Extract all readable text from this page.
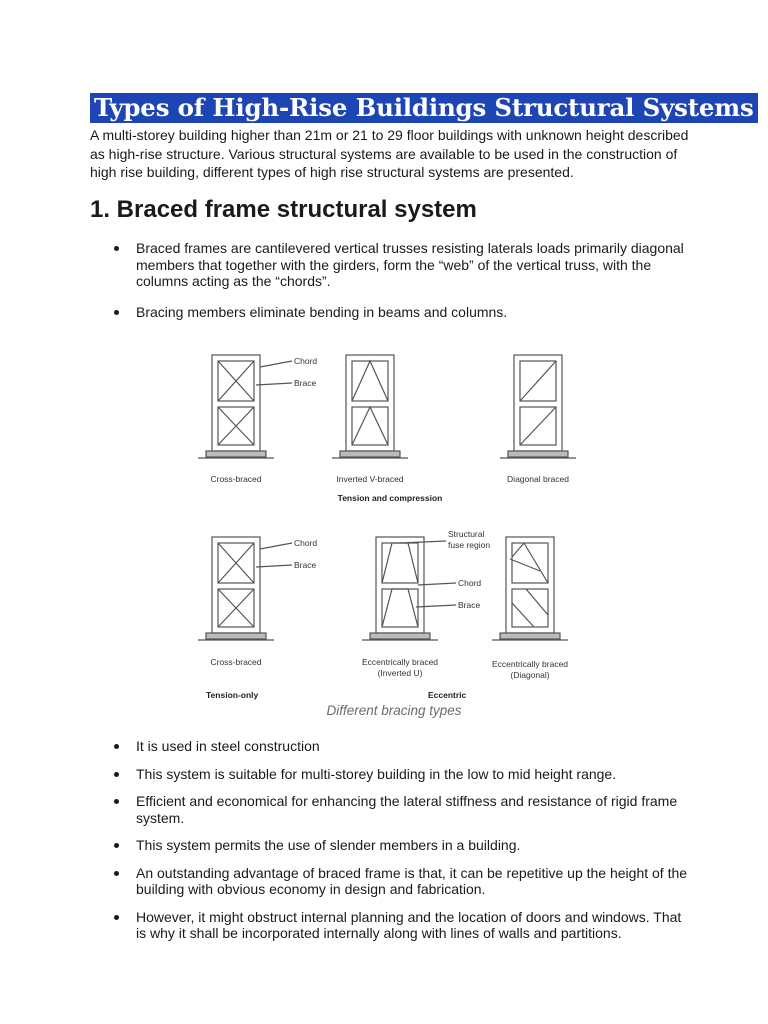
Types of High-Rise Buildings Structural Systems

A multi-storey building higher than 21m or 21 to 29 floor buildings with unknown height described as high-rise structure. Various structural systems are available to be used in the construction of high rise building, different types of high rise structural systems are presented.

1. Braced frame structural system
Braced frames are cantilevered vertical trusses resisting laterals loads primarily diagonal members that together with the girders, form the “web” of the vertical truss, with the columns acting as the “chords”.
Bracing members eliminate bending in beams and columns.
Chord
Brace
Cross-braced	Inverted V-braced	Diagonal braced
Tension and compression
Chord
Brace
Structural
fuse region
Chord
Brace
Cross-braced	Eccentrically braced
(Inverted U)
Eccentrically braced
(Diagonal)
Tension-only	Eccentric
Different bracing types
It is used in steel construction
This system is suitable for multi-storey building in the low to mid height range.
Efficient and economical for enhancing the lateral stiffness and resistance of rigid frame system.
This system permits the use of slender members in a building.
An outstanding advantage of braced frame is that, it can be repetitive up the height of the building with obvious economy in design and fabrication.
However, it might obstruct internal planning and the location of doors and windows. That is why it shall be incorporated internally along with lines of walls and partitions.
